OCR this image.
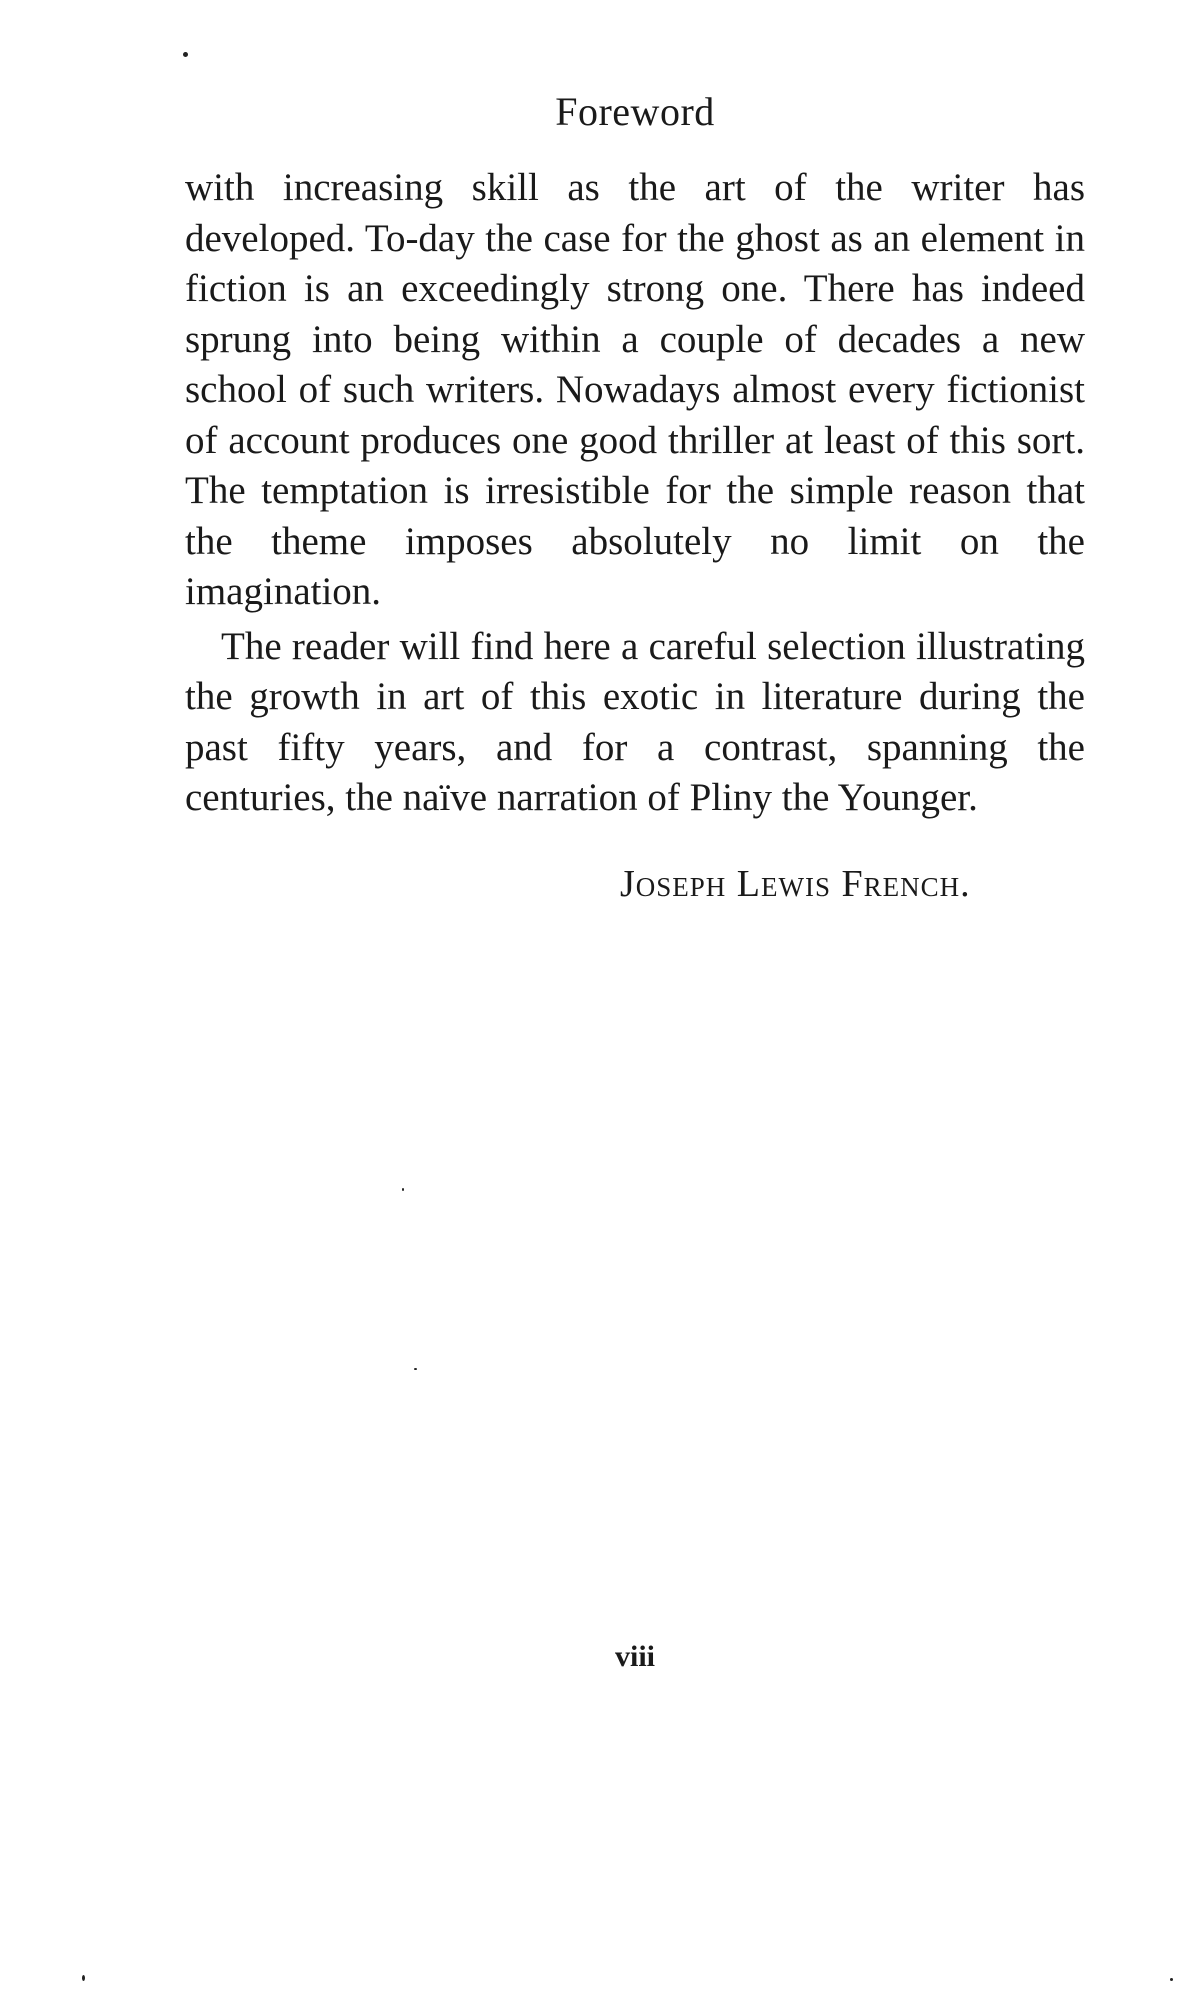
Foreword

with increasing skill as the art of the writer has developed. To-day the case for the ghost as an element in fiction is an exceedingly strong one. There has indeed sprung into being within a couple of decades a new school of such writers. Nowadays almost every fictionist of account produces one good thriller at least of this sort. The temptation is irresistible for the simple reason that the theme imposes absolutely no limit on the imagination.

The reader will find here a careful selection illustrating the growth in art of this exotic in literature during the past fifty years, and for a contrast, spanning the centuries, the naïve narration of Pliny the Younger.

Joseph Lewis French.
viii
